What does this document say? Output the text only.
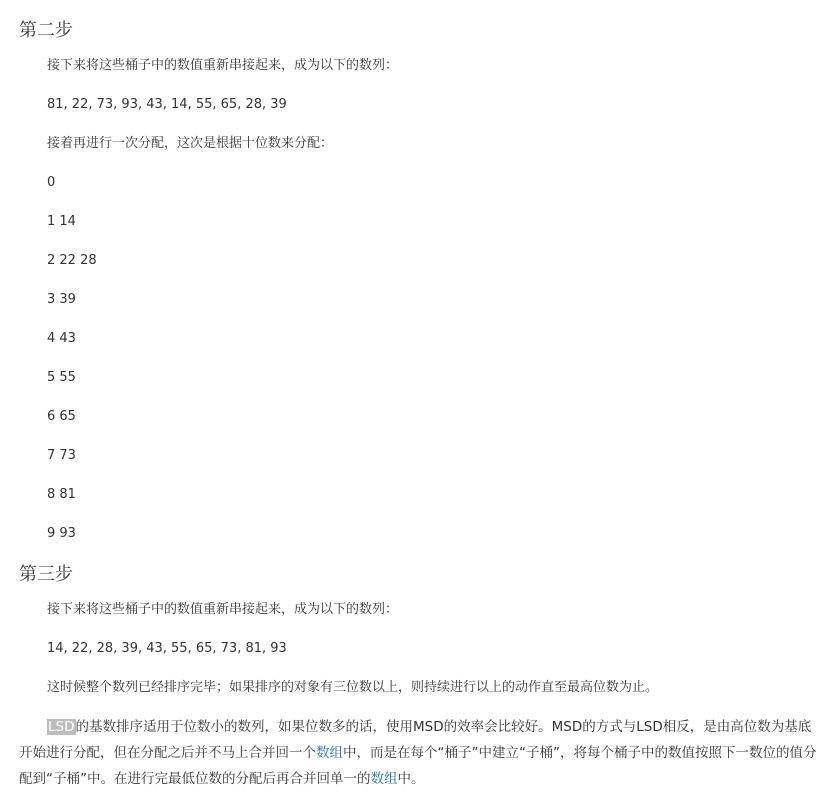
第二步
接下来将这些桶子中的数值重新串接起来，成为以下的数列：
81, 22, 73, 93, 43, 14, 55, 65, 28, 39
接着再进行一次分配，这次是根据十位数来分配：
0
1 14
2 22 28
3 39
4 43
5 55
6 65
7 73
8 81
9 93
第三步
接下来将这些桶子中的数值重新串接起来，成为以下的数列：
14, 22, 28, 39, 43, 55, 65, 73, 81, 93
这时候整个数列已经排序完毕；如果排序的对象有三位数以上，则持续进行以上的动作直至最高位数为止。
LSD的基数排序适用于位数小的数列，如果位数多的话，使用MSD的效率会比较好。MSD的方式与LSD相反，是由高位数为基底开始进行分配，但在分配之后并不马上合并回一个数组中，而是在每个“桶子”中建立“子桶”，将每个桶子中的数值按照下一数位的值分配到“子桶”中。在进行完最低位数的分配后再合并回单一的数组中。
